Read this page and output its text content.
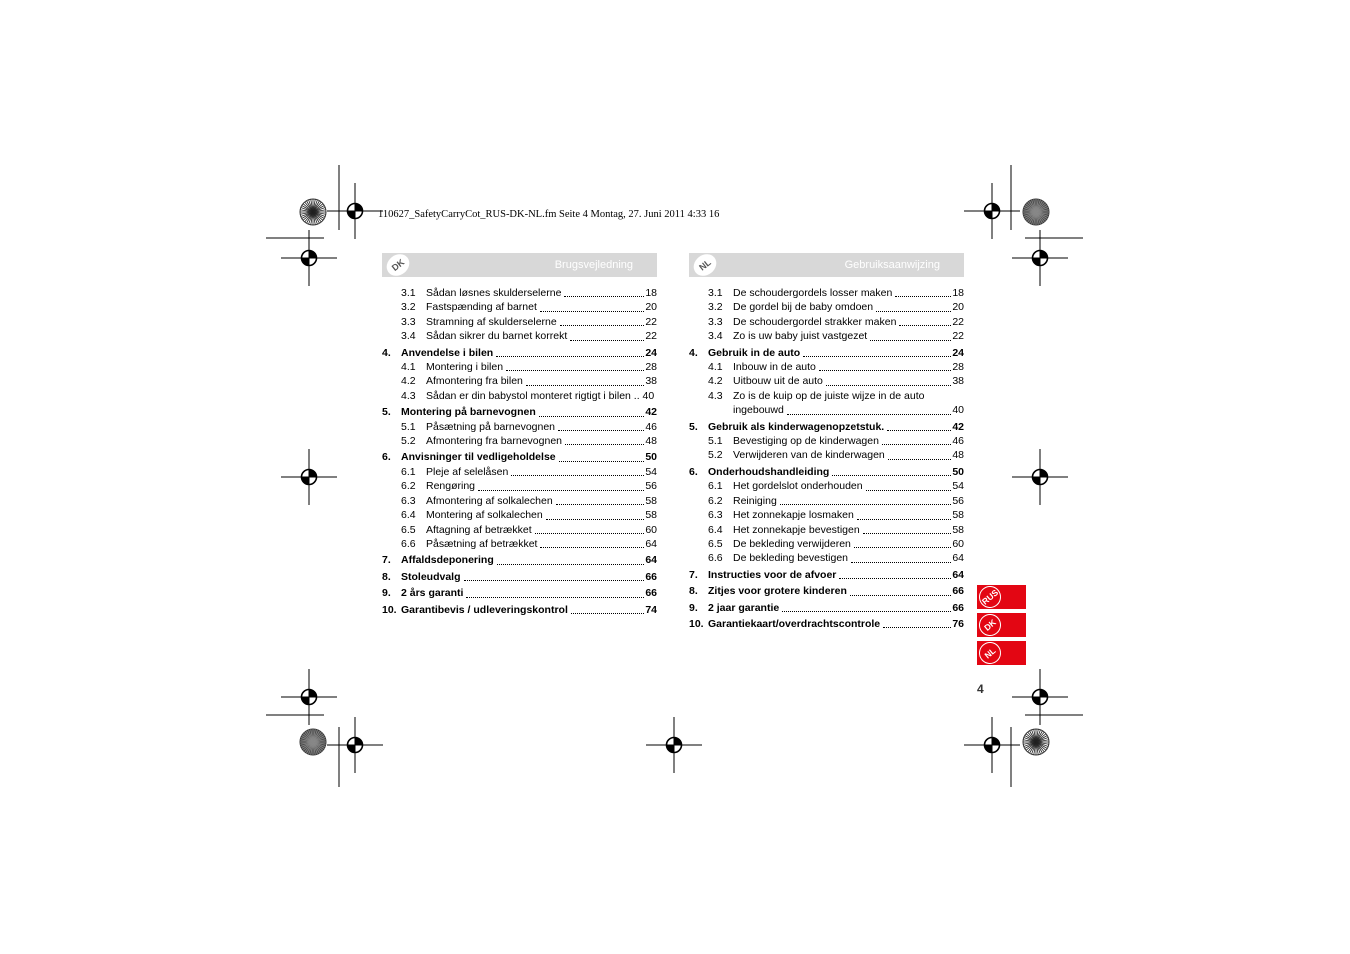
110627_SafetyCarryCot_RUS-DK-NL.fm Seite 4 Montag, 27. Juni 2011 4:33 16
DK	Brugsvejledning
3.1 Sådan løsnes skulderselerne	18
3.2 Fastspænding af barnet	20
3.3 Stramning af skulderselerne	22
3.4 Sådan sikrer du barnet korrekt	22
4. Anvendelse i bilen	24
4.1 Montering i bilen	28
4.2 Afmontering fra bilen	38
4.3 Sådan er din babystol monteret rigtigt i bilen .. 40
5. Montering på barnevognen	42
5.1 Påsætning på barnevognen	46
5.2 Afmontering fra barnevognen	48
6. Anvisninger til vedligeholdelse	50
6.1 Pleje af selelåsen	54
6.2 Rengøring	56
6.3 Afmontering af solkalechen	58
6.4 Montering af solkalechen	58
6.5 Aftagning af betrækket	60
6.6 Påsætning af betrækket	64
7. Affaldsdeponering	64
8. Stoleudvalg	66
9. 2 års garanti	66
10. Garantibevis / udleveringskontrol	74
NL	Gebruiksaanwijzing
3.1 De schoudergordels losser maken	18
3.2 De gordel bij de baby omdoen	20
3.3 De schoudergordel strakker maken	22
3.4 Zo is uw baby juist vastgezet	22
4. Gebruik in de auto	24
4.1 Inbouw in de auto	28
4.2 Uitbouw uit de auto	38
4.3 Zo is de kuip op de juiste wijze in de auto
ingebouwd	40
5. Gebruik als kinderwagenopzetstuk.	42
5.1 Bevestiging op de kinderwagen	46
5.2 Verwijderen van de kinderwagen	48
6. Onderhoudshandleiding	50
6.1 Het gordelslot onderhouden	54
6.2 Reiniging	56
6.3 Het zonnekapje losmaken	58
6.4 Het zonnekapje bevestigen	58
6.5 De bekleding verwijderen	60
6.6 De bekleding bevestigen	64
7. Instructies voor de afvoer	64
8. Zitjes voor grotere kinderen	66
9. 2 jaar garantie	66
10. Garantiekaart/overdrachtscontrole	76
RUS
DK
NL
4
